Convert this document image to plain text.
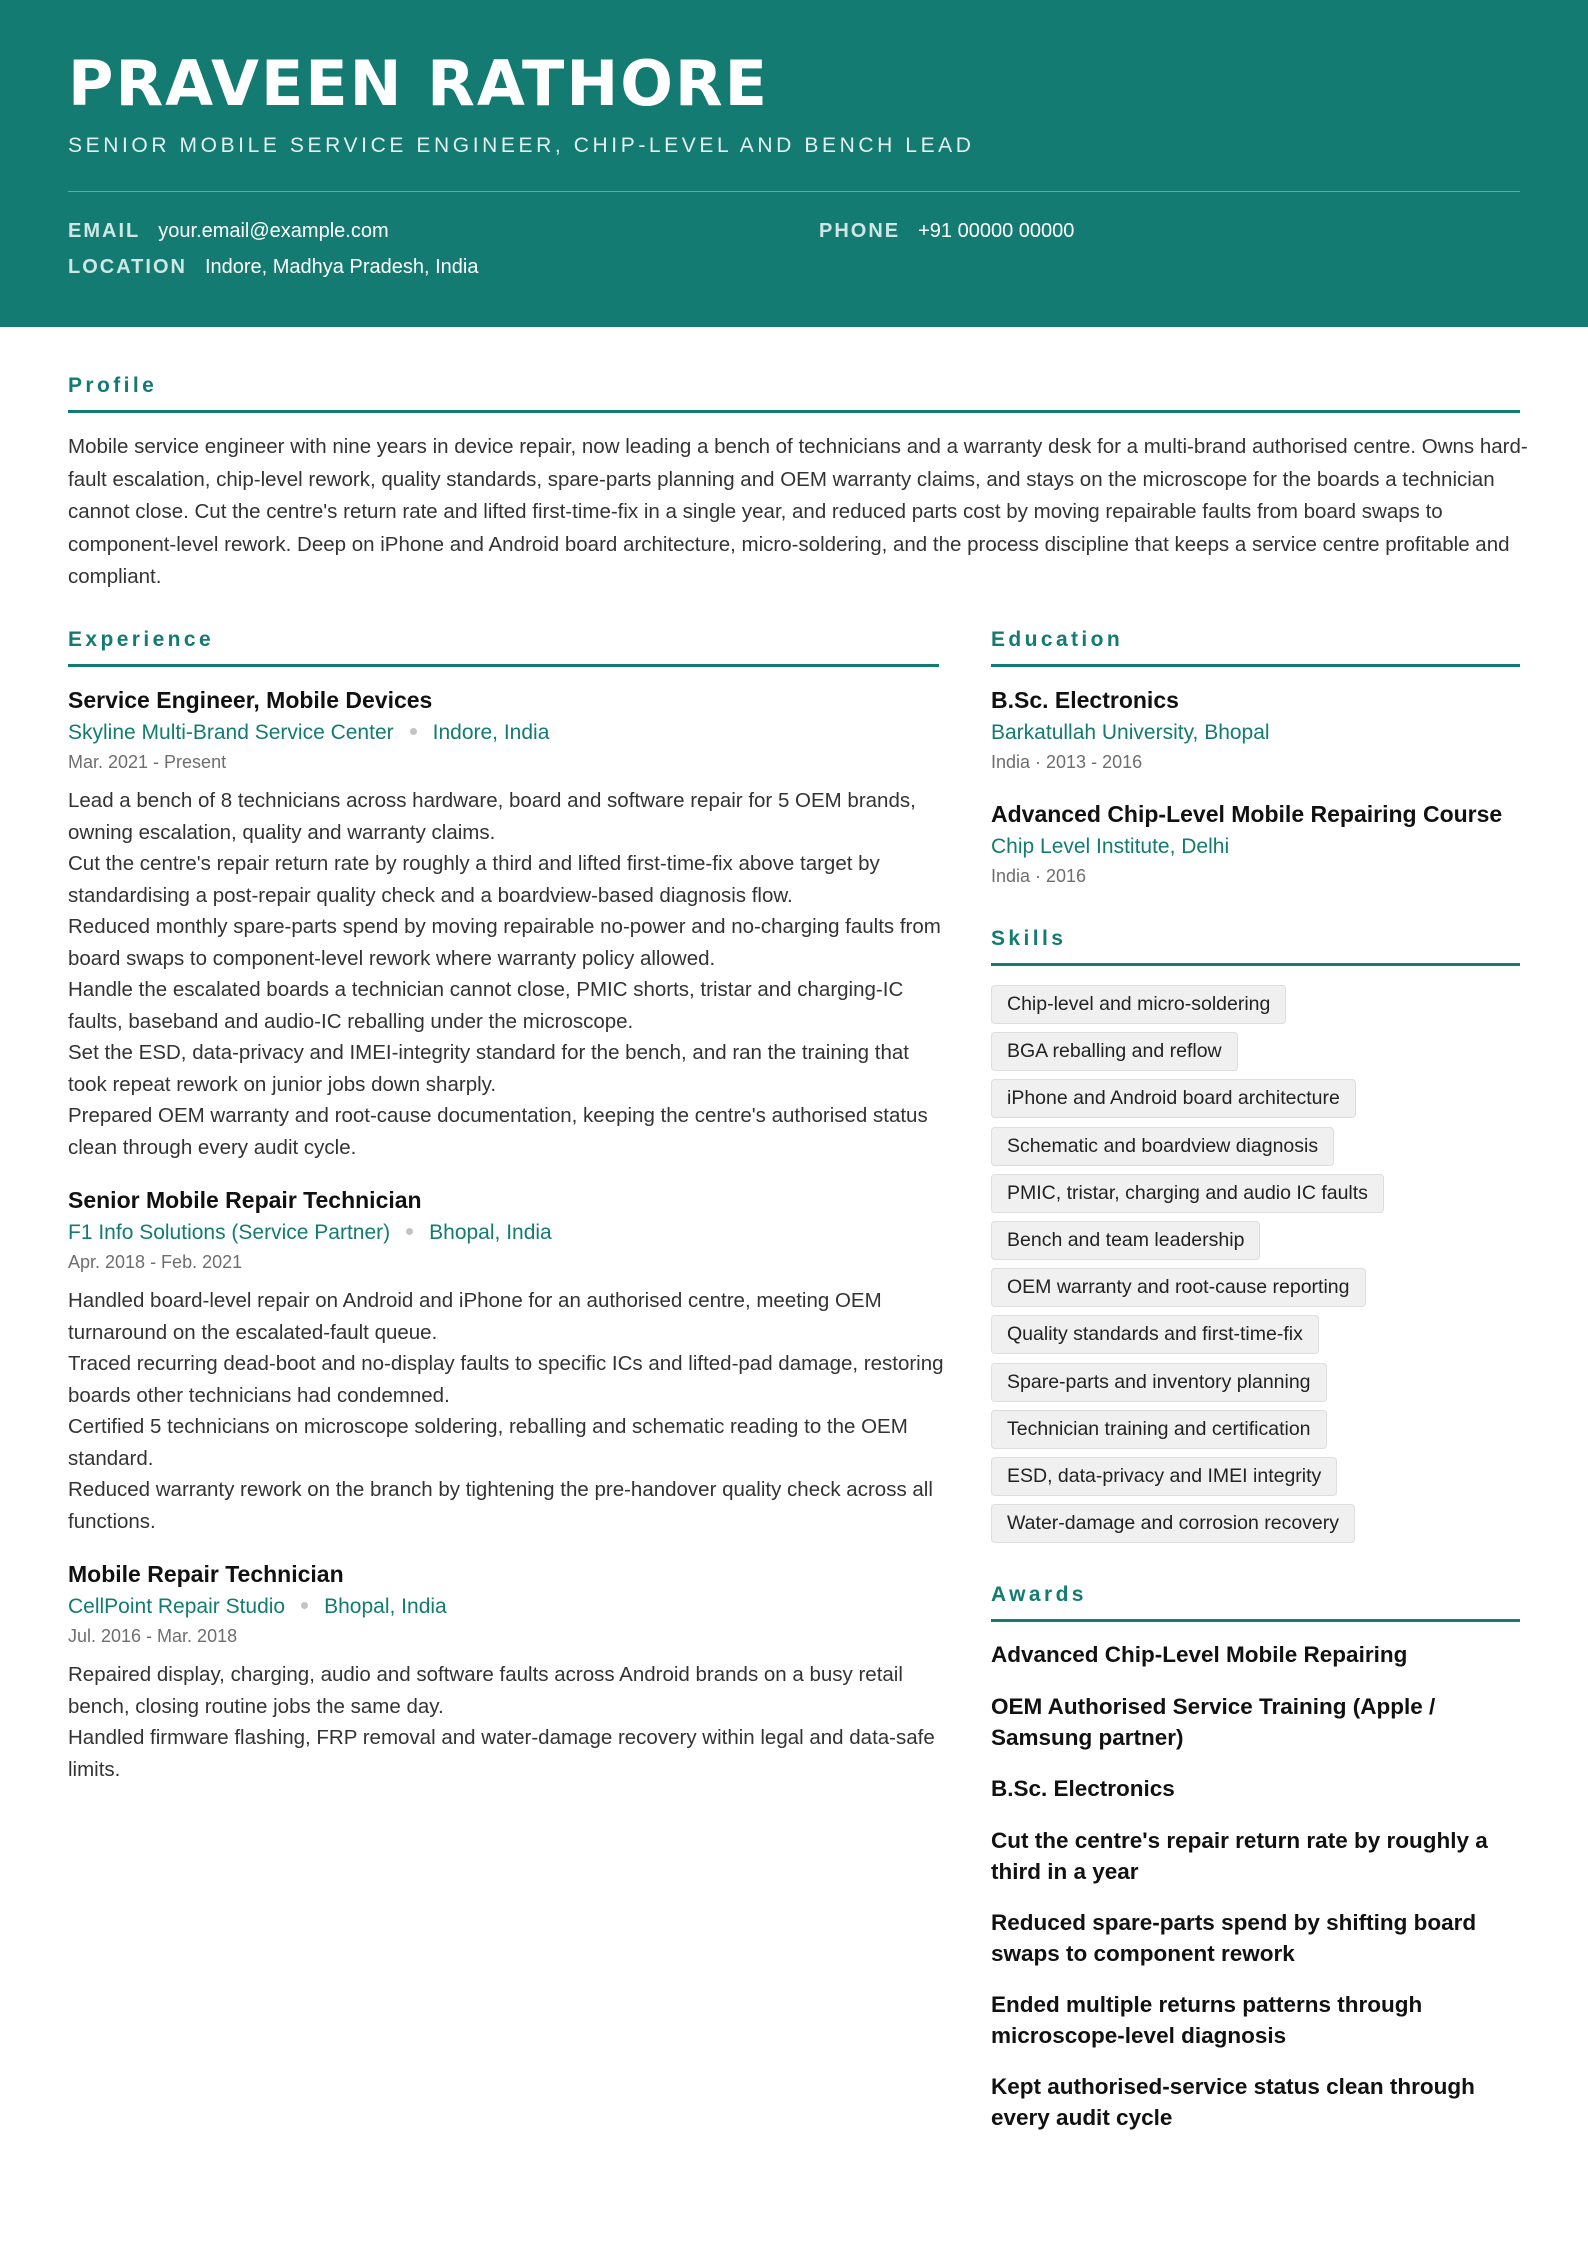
PRAVEEN RATHORE
SENIOR MOBILE SERVICE ENGINEER, CHIP-LEVEL AND BENCH LEAD
EMAIL your.email@example.com	PHONE +91 00000 00000
LOCATION Indore, Madhya Pradesh, India
Profile
Mobile service engineer with nine years in device repair, now leading a bench of technicians and a warranty desk for a multi-brand authorised centre. Owns hard-fault escalation, chip-level rework, quality standards, spare-parts planning and OEM warranty claims, and stays on the microscope for the boards a technician cannot close. Cut the centre's return rate and lifted first-time-fix in a single year, and reduced parts cost by moving repairable faults from board swaps to component-level rework. Deep on iPhone and Android board architecture, micro-soldering, and the process discipline that keeps a service centre profitable and compliant.
Experience
Service Engineer, Mobile Devices
Skyline Multi-Brand Service Center Indore, India
Mar. 2021 - Present
Lead a bench of 8 technicians across hardware, board and software repair for 5 OEM brands, owning escalation, quality and warranty claims.
Cut the centre's repair return rate by roughly a third and lifted first-time-fix above target by standardising a post-repair quality check and a boardview-based diagnosis flow.
Reduced monthly spare-parts spend by moving repairable no-power and no-charging faults from board swaps to component-level rework where warranty policy allowed.
Handle the escalated boards a technician cannot close, PMIC shorts, tristar and charging-IC faults, baseband and audio-IC reballing under the microscope.
Set the ESD, data-privacy and IMEI-integrity standard for the bench, and ran the training that took repeat rework on junior jobs down sharply.
Prepared OEM warranty and root-cause documentation, keeping the centre's authorised status clean through every audit cycle.
Senior Mobile Repair Technician
F1 Info Solutions (Service Partner) Bhopal, India
Apr. 2018 - Feb. 2021
Handled board-level repair on Android and iPhone for an authorised centre, meeting OEM turnaround on the escalated-fault queue.
Traced recurring dead-boot and no-display faults to specific ICs and lifted-pad damage, restoring boards other technicians had condemned.
Certified 5 technicians on microscope soldering, reballing and schematic reading to the OEM standard.
Reduced warranty rework on the branch by tightening the pre-handover quality check across all functions.
Mobile Repair Technician
CellPoint Repair Studio Bhopal, India
Jul. 2016 - Mar. 2018
Repaired display, charging, audio and software faults across Android brands on a busy retail bench, closing routine jobs the same day.
Handled firmware flashing, FRP removal and water-damage recovery within legal and data-safe limits.
Education
B.Sc. Electronics
Barkatullah University, Bhopal
India · 2013 - 2016
Advanced Chip-Level Mobile Repairing Course
Chip Level Institute, Delhi
India · 2016
Skills
Chip-level and micro-soldering
BGA reballing and reflow
iPhone and Android board architecture
Schematic and boardview diagnosis
PMIC, tristar, charging and audio IC faults
Bench and team leadership
OEM warranty and root-cause reporting
Quality standards and first-time-fix
Spare-parts and inventory planning
Technician training and certification
ESD, data-privacy and IMEI integrity
Water-damage and corrosion recovery
Awards
Advanced Chip-Level Mobile Repairing
OEM Authorised Service Training (Apple / Samsung partner)
B.Sc. Electronics
Cut the centre's repair return rate by roughly a third in a year
Reduced spare-parts spend by shifting board swaps to component rework
Ended multiple returns patterns through microscope-level diagnosis
Kept authorised-service status clean through every audit cycle
